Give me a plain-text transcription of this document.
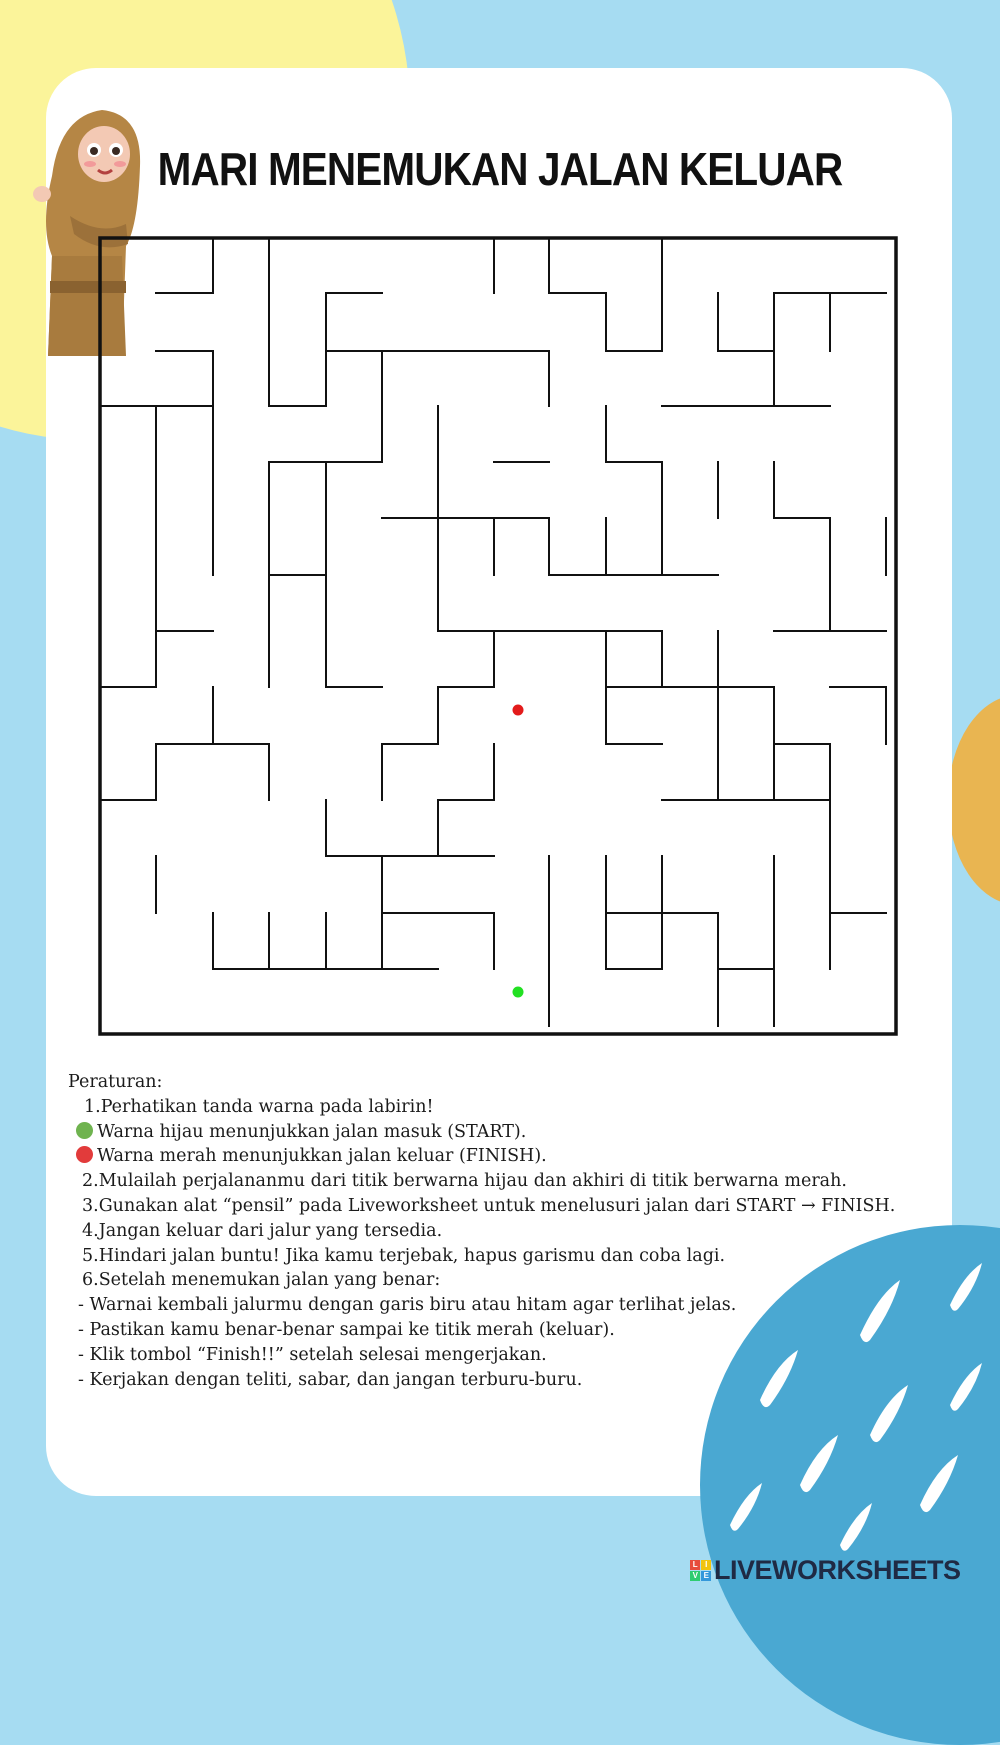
MARI MENEMUKAN JALAN KELUAR
Peraturan:
1.Perhatikan tanda warna pada labirin!
Warna hijau menunjukkan jalan masuk (START).
Warna merah menunjukkan jalan keluar (FINISH).
2.Mulailah perjalananmu dari titik berwarna hijau dan akhiri di titik berwarna merah.
3.Gunakan alat “pensil” pada Liveworksheet untuk menelusuri jalan dari START → FINISH.
4.Jangan keluar dari jalur yang tersedia.
5.Hindari jalan buntu! Jika kamu terjebak, hapus garismu dan coba lagi.
6.Setelah menemukan jalan yang benar:
- Warnai kembali jalurmu dengan garis biru atau hitam agar terlihat jelas.
- Pastikan kamu benar-benar sampai ke titik merah (keluar).
- Klik tombol “Finish!!” setelah selesai mengerjakan.
- Kerjakan dengan teliti, sabar, dan jangan terburu-buru.
L I
V E LIVEWORKSHEETS
